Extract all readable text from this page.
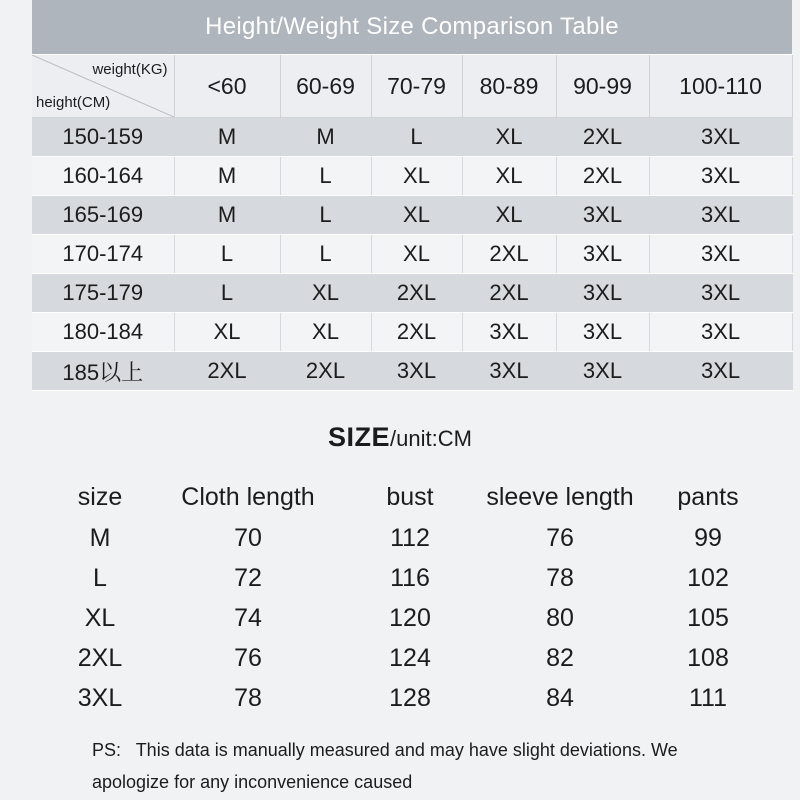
Height/Weight Size Comparison Table						

weight(KG)
height(CM)	<60	60-69	70-79	80-89	90-99	100-110
150-159	M	M	L	XL	2XL	3XL
160-164	M	L	XL	XL	2XL	3XL
165-169	M	L	XL	XL	3XL	3XL
170-174	L	L	XL	2XL	3XL	3XL
175-179	L	XL	2XL	2XL	3XL	3XL
180-184	XL	XL	2XL	3XL	3XL	3XL
185以上	2XL	2XL	3XL	3XL	3XL	3XL
SIZE/unit:CM
size	Cloth length	bust	sleeve length	pants
M	70	112	76	99
L	72	116	78	102
XL	74	120	80	105
2XL	76	124	82	108
3XL	78	128	84	111
PS:   This data is manually measured and may have slight deviations. We apologize for any inconvenience caused
